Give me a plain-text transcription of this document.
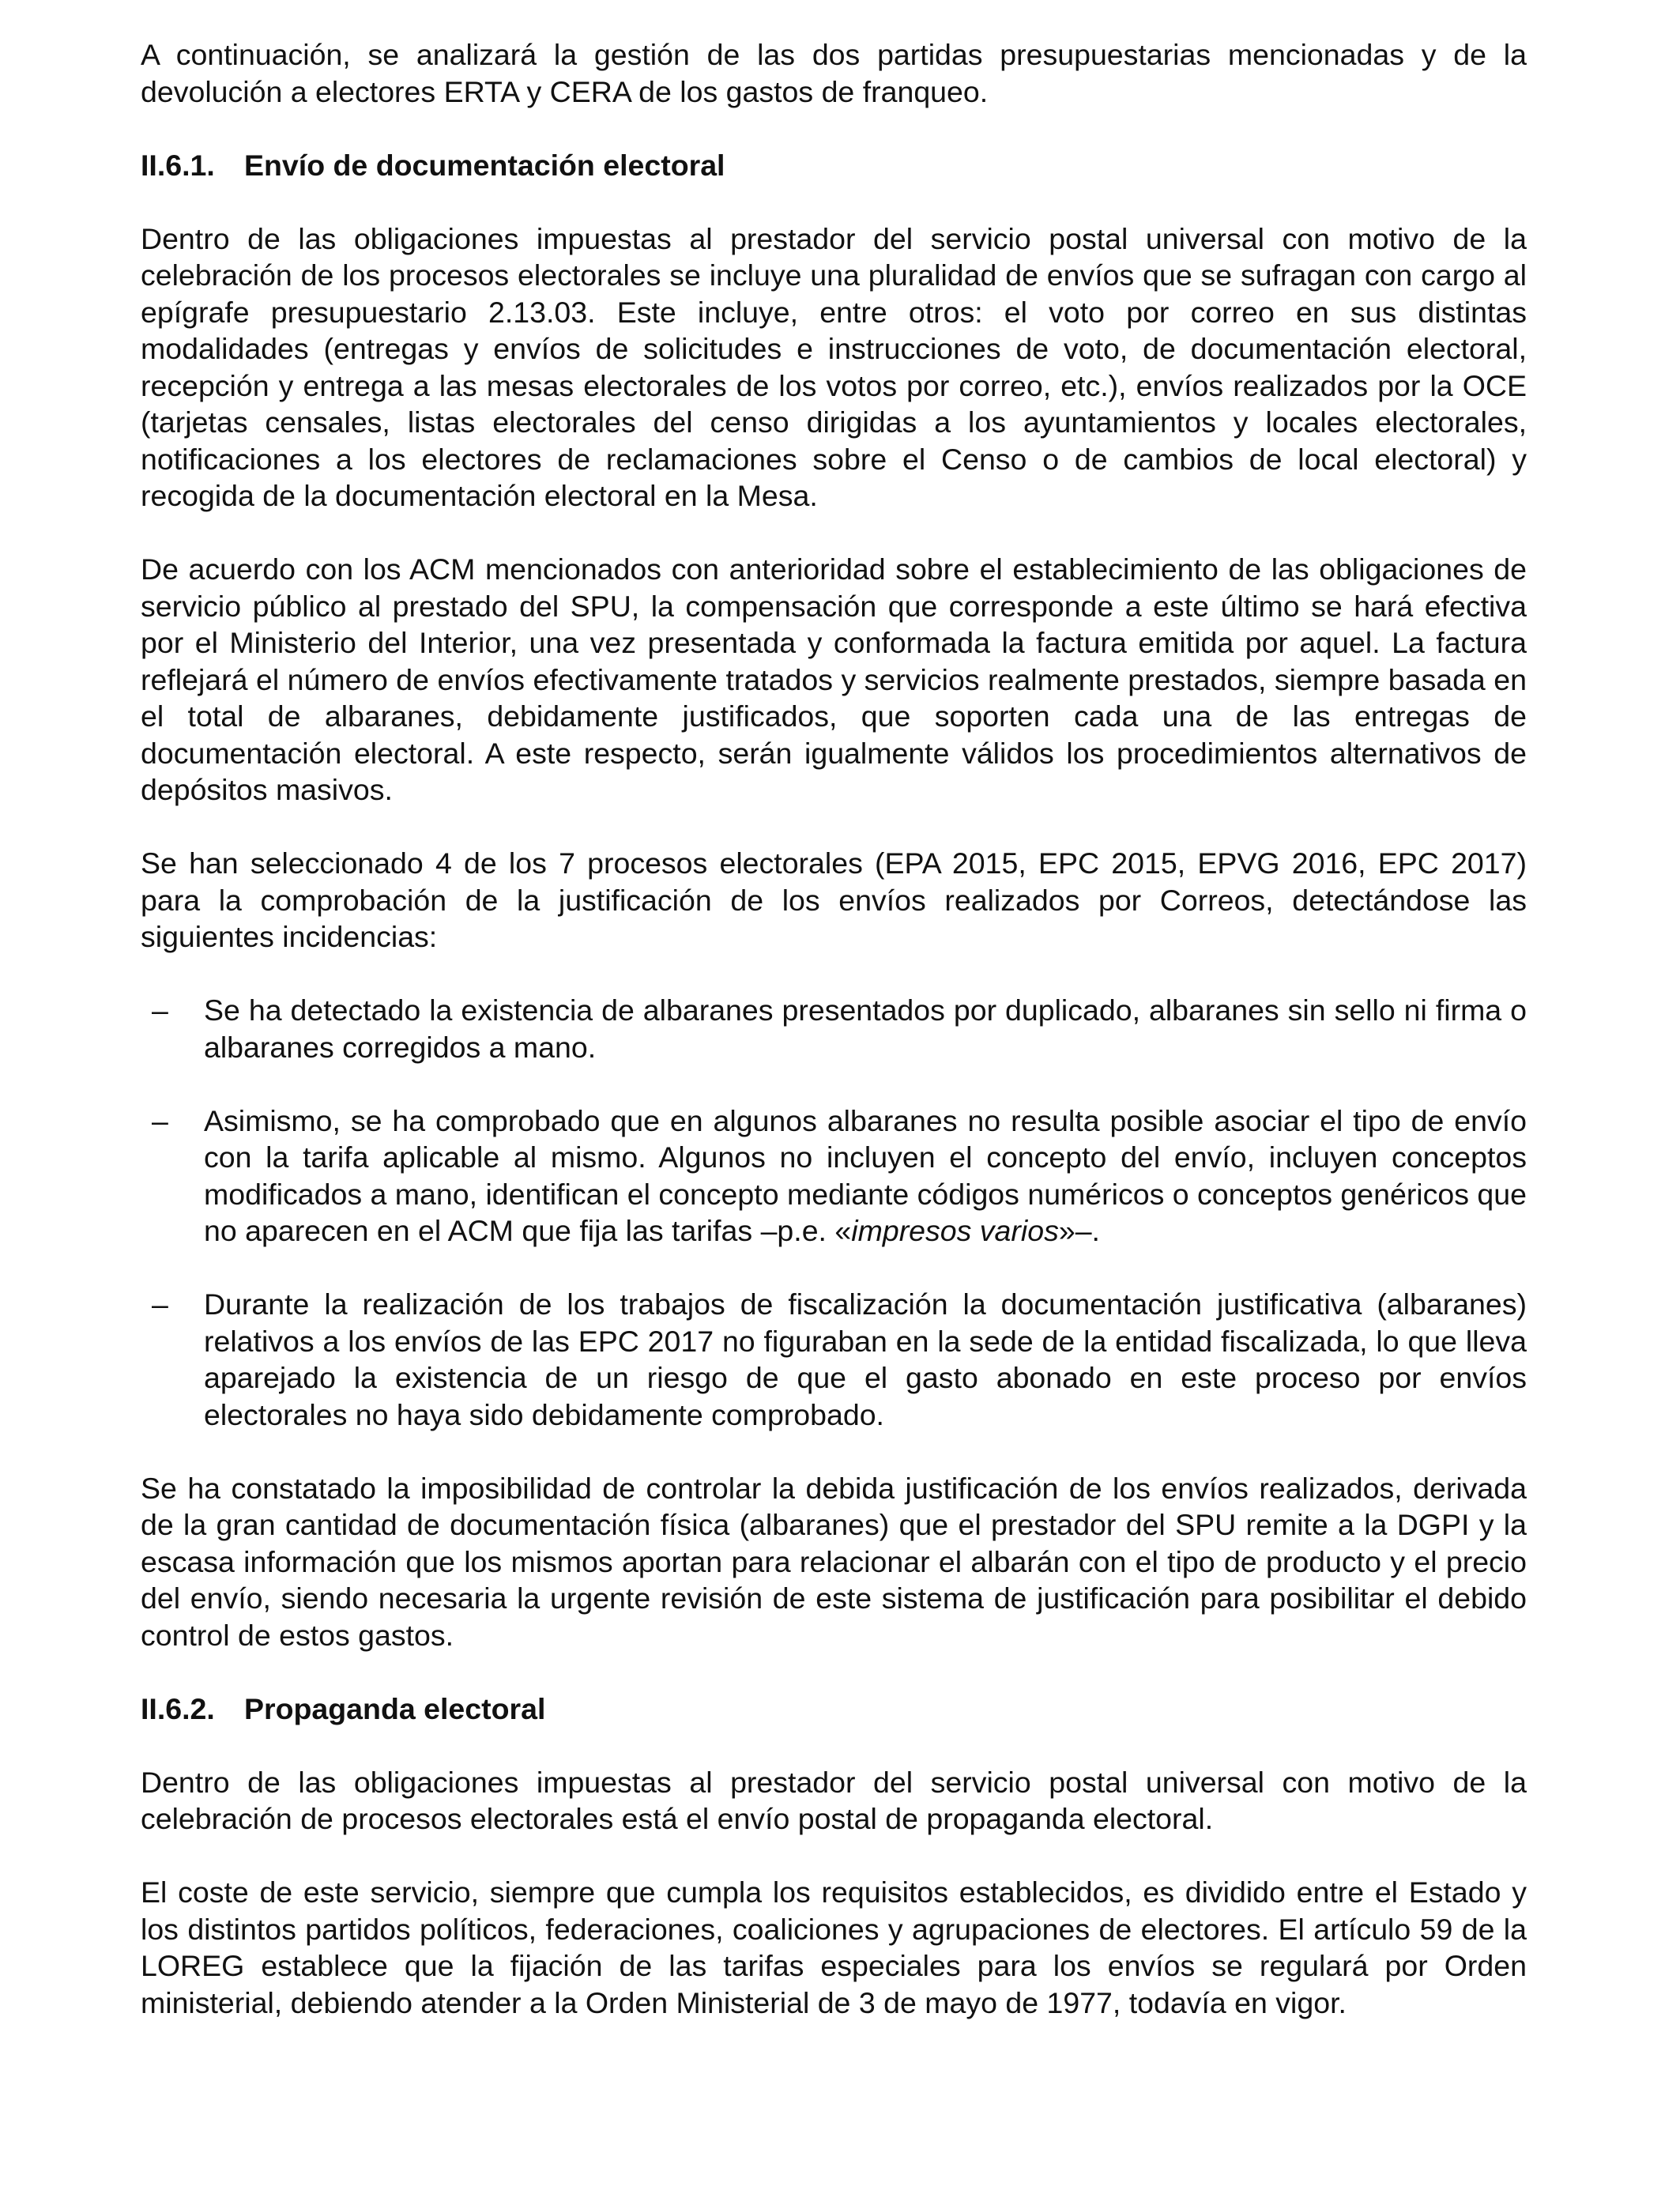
A continuación, se analizará la gestión de las dos partidas presupuestarias mencionadas y de la devolución a electores ERTA y CERA de los gastos de franqueo.

II.6.1. Envío de documentación electoral

Dentro de las obligaciones impuestas al prestador del servicio postal universal con motivo de la celebración de los procesos electorales se incluye una pluralidad de envíos que se sufragan con cargo al epígrafe presupuestario 2.13.03. Este incluye, entre otros: el voto por correo en sus distintas modalidades (entregas y envíos de solicitudes e instrucciones de voto, de documentación electoral, recepción y entrega a las mesas electorales de los votos por correo, etc.), envíos realizados por la OCE (tarjetas censales, listas electorales del censo dirigidas a los ayuntamientos y locales electorales, notificaciones a los electores de reclamaciones sobre el Censo o de cambios de local electoral) y recogida de la documentación electoral en la Mesa.

De acuerdo con los ACM mencionados con anterioridad sobre el establecimiento de las obligaciones de servicio público al prestado del SPU, la compensación que corresponde a este último se hará efectiva por el Ministerio del Interior, una vez presentada y conformada la factura emitida por aquel. La factura reflejará el número de envíos efectivamente tratados y servicios realmente prestados, siempre basada en el total de albaranes, debidamente justificados, que soporten cada una de las entregas de documentación electoral. A este respecto, serán igualmente válidos los procedimientos alternativos de depósitos masivos.

Se han seleccionado 4 de los 7 procesos electorales (EPA 2015, EPC 2015, EPVG 2016, EPC 2017) para la comprobación de la justificación de los envíos realizados por Correos, detectándose las siguientes incidencias:

– Se ha detectado la existencia de albaranes presentados por duplicado, albaranes sin sello ni firma o albaranes corregidos a mano.
– Asimismo, se ha comprobado que en algunos albaranes no resulta posible asociar el tipo de envío con la tarifa aplicable al mismo. Algunos no incluyen el concepto del envío, incluyen conceptos modificados a mano, identifican el concepto mediante códigos numéricos o conceptos genéricos que no aparecen en el ACM que fija las tarifas –p.e. «impresos varios»–.
– Durante la realización de los trabajos de fiscalización la documentación justificativa (albaranes) relativos a los envíos de las EPC 2017 no figuraban en la sede de la entidad fiscalizada, lo que lleva aparejado la existencia de un riesgo de que el gasto abonado en este proceso por envíos electorales no haya sido debidamente comprobado.

Se ha constatado la imposibilidad de controlar la debida justificación de los envíos realizados, derivada de la gran cantidad de documentación física (albaranes) que el prestador del SPU remite a la DGPI y la escasa información que los mismos aportan para relacionar el albarán con el tipo de producto y el precio del envío, siendo necesaria la urgente revisión de este sistema de justificación para posibilitar el debido control de estos gastos.

II.6.2. Propaganda electoral

Dentro de las obligaciones impuestas al prestador del servicio postal universal con motivo de la celebración de procesos electorales está el envío postal de propaganda electoral.

El coste de este servicio, siempre que cumpla los requisitos establecidos, es dividido entre el Estado y los distintos partidos políticos, federaciones, coaliciones y agrupaciones de electores. El artículo 59 de la LOREG establece que la fijación de las tarifas especiales para los envíos se regulará por Orden ministerial, debiendo atender a la Orden Ministerial de 3 de mayo de 1977, todavía en vigor.
